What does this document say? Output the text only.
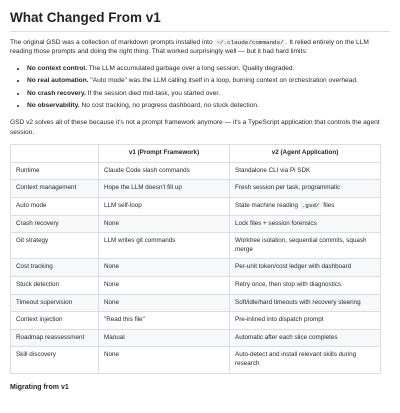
What Changed From v1

The original GSD was a collection of markdown prompts installed into ~/.claude/commands/ . It relied entirely on the LLM reading those prompts and doing the right thing. That worked surprisingly well — but it had hard limits:

• No context control. The LLM accumulated garbage over a long session. Quality degraded.
• No real automation. "Auto mode" was the LLM calling itself in a loop, burning context on orchestration overhead.
• No crash recovery. If the session died mid-task, you started over.
• No observability. No cost tracking, no progress dashboard, no stuck detection.

GSD v2 solves all of these because it's not a prompt framework anymore — it's a TypeScript application that controls the agent session.

	v1 (Prompt Framework)	v2 (Agent Application)
Runtime	Claude Code slash commands	Standalone CLI via Pi SDK
Context management	Hope the LLM doesn't fill up	Fresh session per task, programmatic
Auto mode	LLM self-loop	State machine reading .gsd/ files
Crash recovery	None	Lock files + session forensics
Git strategy	LLM writes git commands	Worktree isolation, sequential commits, squash merge
Cost tracking	None	Per-unit token/cost ledger with dashboard
Stuck detection	None	Retry once, then stop with diagnostics
Timeout supervision	None	Soft/idle/hard timeouts with recovery steering
Context injection	"Read this file"	Pre-inlined into dispatch prompt
Roadmap reassessment	Manual	Automatic after each slice completes
Skill discovery	None	Auto-detect and install relevant skills during research
Migrating from v1
